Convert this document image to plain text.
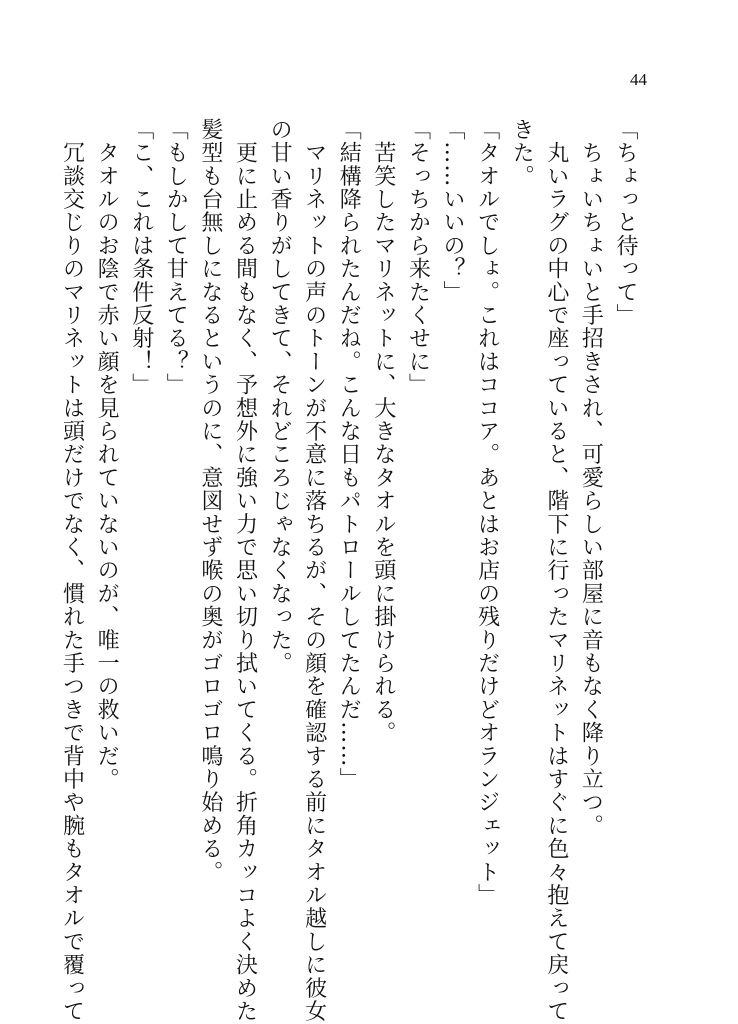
44
「ちょっと待って」
　ちょいちょいと手招きされ、可愛らしい部屋に音もなく降り立つ。
　丸いラグの中心で座っていると、階下に行ったマリネットはすぐに色々抱えて戻って
きた。
「タオルでしょ。これはココア。あとはお店の残りだけどオランジェット」
「……いいの？」
「そっちから来たくせに」
　苦笑したマリネットに、大きなタオルを頭に掛けられる。
「結構降られたんだね。こんな日もパトロールしてたんだ……」
　マリネットの声のトーンが不意に落ちるが、その顔を確認する前にタオル越しに彼女
の甘い香りがしてきて、それどころじゃなくなった。
　更に止める間もなく、予想外に強い力で思い切り拭いてくる。折角カッコよく決めた
髪型も台無しになるというのに、意図せず喉の奥がゴロゴロ鳴り始める。
「もしかして甘えてる？」
「こ、これは条件反射！」
　タオルのお陰で赤い顔を見られていないのが、唯一の救いだ。
　冗談交じりのマリネットは頭だけでなく、慣れた手つきで背中や腕もタオルで覆って
